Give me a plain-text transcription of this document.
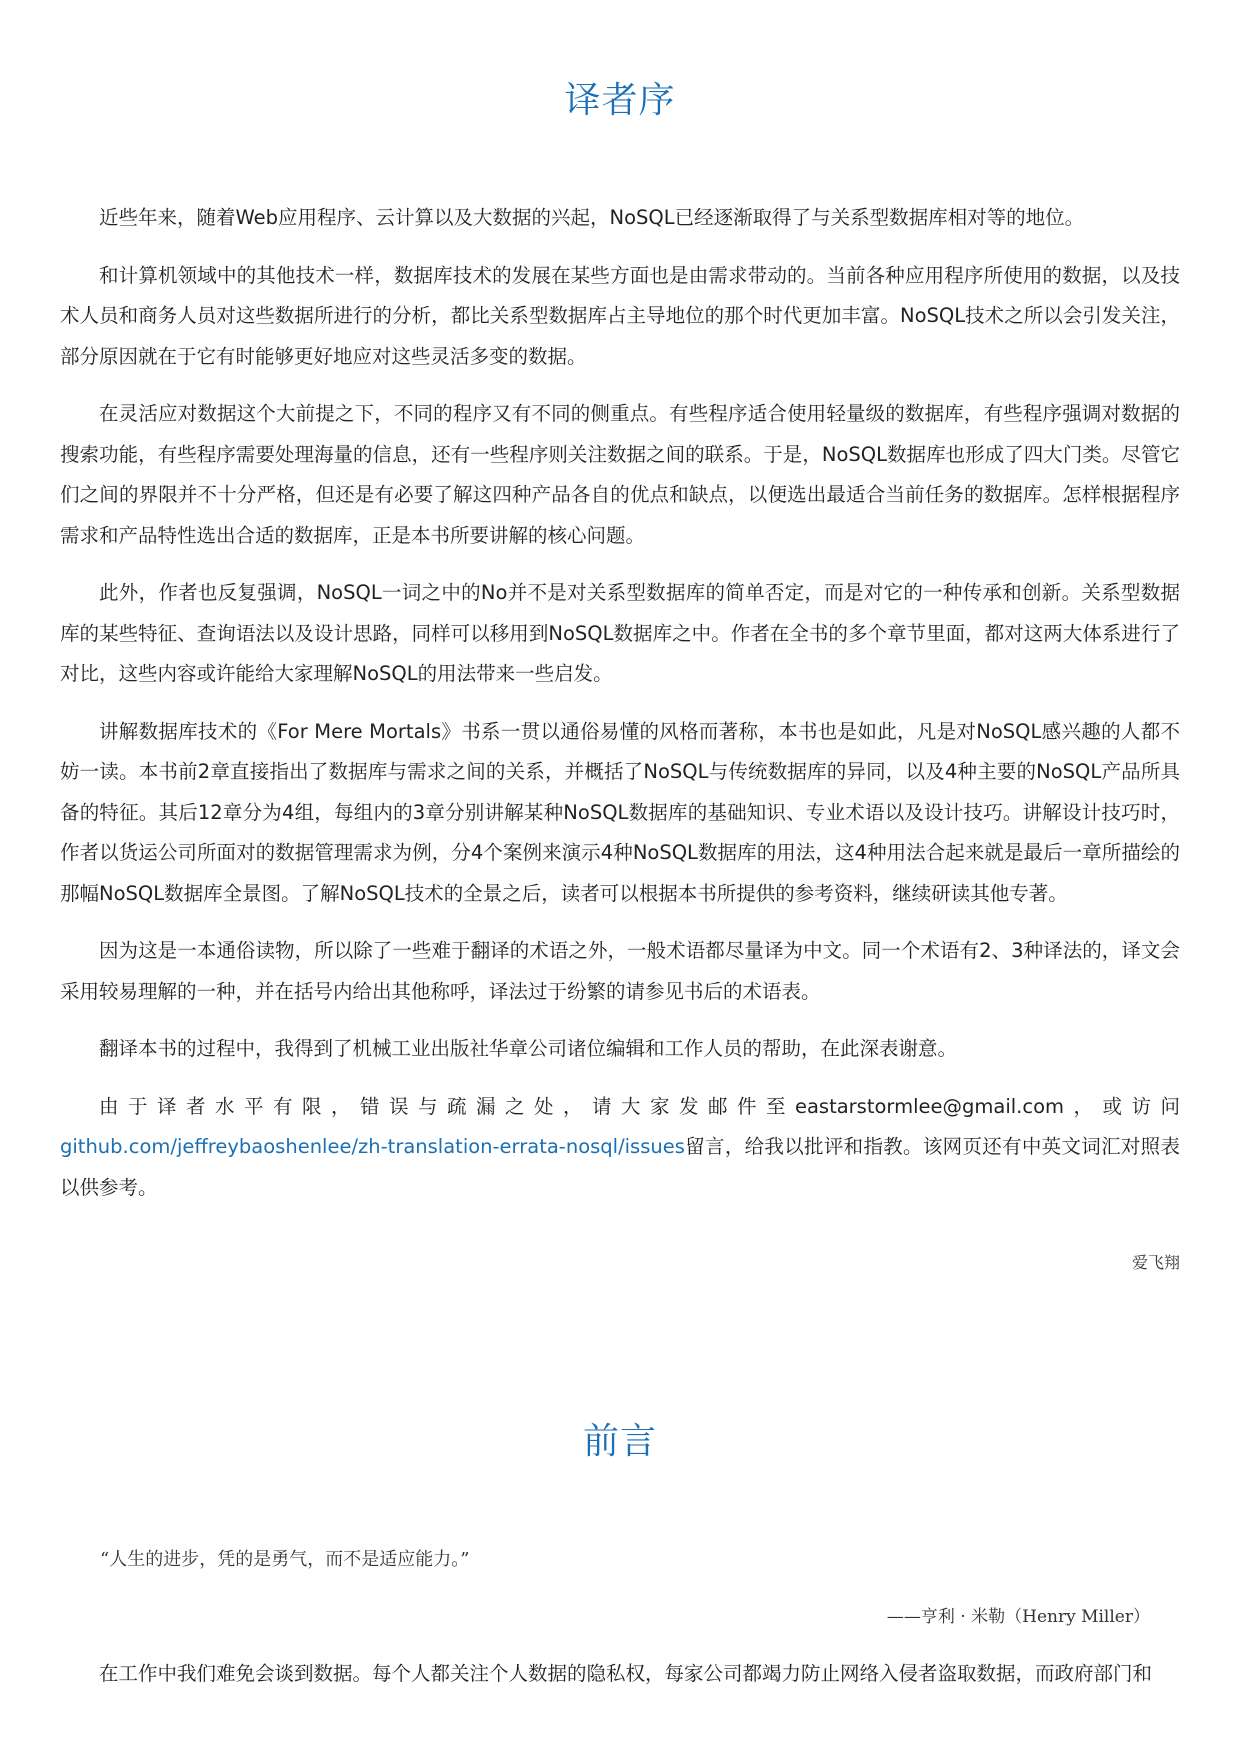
译者序

近些年来，随着Web应用程序、云计算以及大数据的兴起，NoSQL已经逐渐取得了与关系型数据库相对等的地位。

和计算机领域中的其他技术一样，数据库技术的发展在某些方面也是由需求带动的。当前各种应用程序所使用的数据，以及技术人员和商务人员对这些数据所进行的分析，都比关系型数据库占主导地位的那个时代更加丰富。NoSQL技术之所以会引发关注，部分原因就在于它有时能够更好地应对这些灵活多变的数据。

在灵活应对数据这个大前提之下，不同的程序又有不同的侧重点。有些程序适合使用轻量级的数据库，有些程序强调对数据的搜索功能，有些程序需要处理海量的信息，还有一些程序则关注数据之间的联系。于是，NoSQL数据库也形成了四大门类。尽管它们之间的界限并不十分严格，但还是有必要了解这四种产品各自的优点和缺点，以便选出最适合当前任务的数据库。怎样根据程序需求和产品特性选出合适的数据库，正是本书所要讲解的核心问题。

此外，作者也反复强调，NoSQL一词之中的No并不是对关系型数据库的简单否定，而是对它的一种传承和创新。关系型数据库的某些特征、查询语法以及设计思路，同样可以移用到NoSQL数据库之中。作者在全书的多个章节里面，都对这两大体系进行了对比，这些内容或许能给大家理解NoSQL的用法带来一些启发。

讲解数据库技术的《For Mere Mortals》书系一贯以通俗易懂的风格而著称，本书也是如此，凡是对NoSQL感兴趣的人都不妨一读。本书前2章直接指出了数据库与需求之间的关系，并概括了NoSQL与传统数据库的异同，以及4种主要的NoSQL产品所具备的特征。其后12章分为4组，每组内的3章分别讲解某种NoSQL数据库的基础知识、专业术语以及设计技巧。讲解设计技巧时，作者以货运公司所面对的数据管理需求为例，分4个案例来演示4种NoSQL数据库的用法，这4种用法合起来就是最后一章所描绘的那幅NoSQL数据库全景图。了解NoSQL技术的全景之后，读者可以根据本书所提供的参考资料，继续研读其他专著。

因为这是一本通俗读物，所以除了一些难于翻译的术语之外，一般术语都尽量译为中文。同一个术语有2、3种译法的，译文会采用较易理解的一种，并在括号内给出其他称呼，译法过于纷繁的请参见书后的术语表。

翻译本书的过程中，我得到了机械工业出版社华章公司诸位编辑和工作人员的帮助，在此深表谢意。

由于译者水平有限，错误与疏漏之处，请大家发邮件至eastarstormlee@gmail.com，或访问github.com/jeffreybaoshenlee/zh-translation-errata-nosql/issues留言，给我以批评和指教。该网页还有中英文词汇对照表以供参考。

爱飞翔
前言
“人生的进步，凭的是勇气，而不是适应能力。”
——亨利 · 米勒（Henry Miller）

在工作中我们难免会谈到数据。每个人都关注个人数据的隐私权，每家公司都竭力防止网络入侵者盗取数据，而政府部门和
